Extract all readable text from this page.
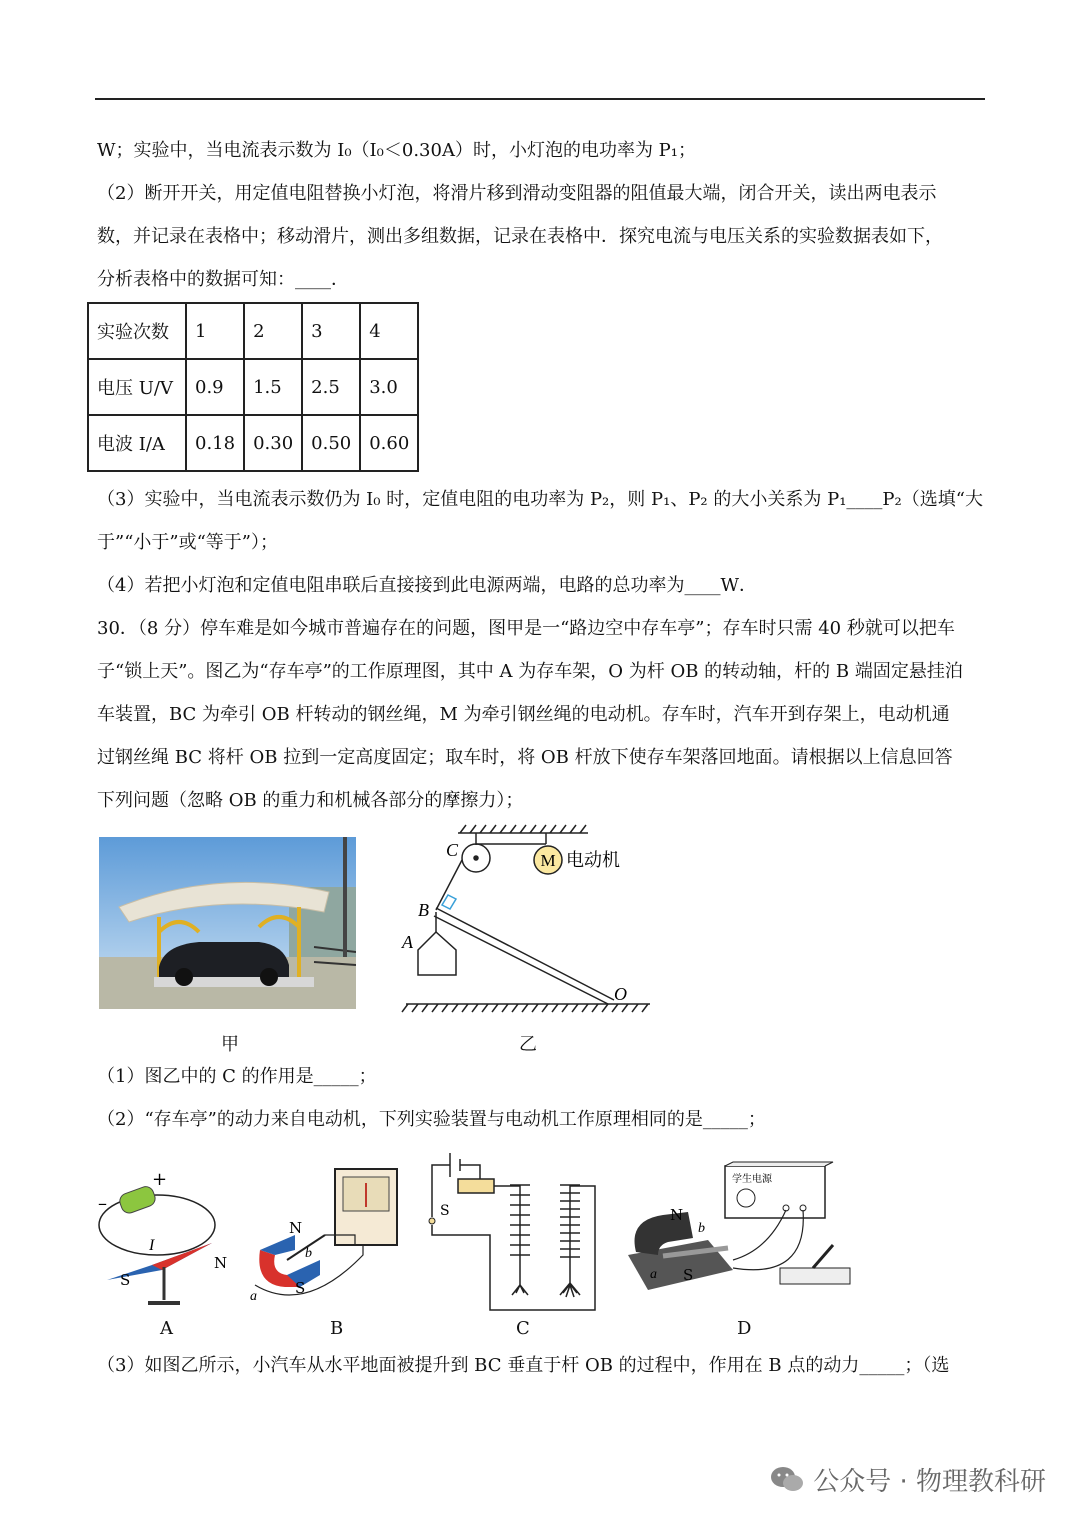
W；实验中，当电流表示数为 I₀（I₀＜0.30A）时，小灯泡的电功率为 P₁；
（2）断开开关，用定值电阻替换小灯泡，将滑片移到滑动变阻器的阻值最大端，闭合开关，读出两电表示
数，并记录在表格中；移动滑片，测出多组数据，记录在表格中．探究电流与电压关系的实验数据表如下，
分析表格中的数据可知：____．
实验次数	1	2	3	4
电压 U/V	0.9	1.5	2.5	3.0
电波 I/A	0.18	0.30	0.50	0.60
（3）实验中，当电流表示数仍为 I₀ 时，定值电阻的电功率为 P₂，则 P₁、P₂ 的大小关系为 P₁____P₂（选填“大
于”“小于”或“等于”）；
（4）若把小灯泡和定值电阻串联后直接接到此电源两端，电路的总功率为____W．
30．（8 分）停车难是如今城市普遍存在的问题，图甲是一“路边空中存车亭”；存车时只需 40 秒就可以把车
子“锁上天”。图乙为“存车亭”的工作原理图，其中 A 为存车架，O 为杆 OB 的转动轴，杆的 B 端固定悬挂泊
车装置，BC 为牵引 OB 杆转动的钢丝绳，M 为牵引钢丝绳的电动机。存车时，汽车开到存架上，电动机通
过钢丝绳 BC 将杆 OB 拉到一定高度固定；取车时，将 OB 杆放下使存车架落回地面。请根据以上信息回答
下列问题（忽略 OB 的重力和机械各部分的摩擦力）；
甲
M 电动机
C
B
A
O
乙
（1）图乙中的 C 的作用是_____；
（2）“存车亭”的动力来自电动机，下列实验装置与电动机工作原理相同的是_____；
+
–
I
S
N
A
N
b
S
a
B
S
C
学生电源
N
b
S
a
D
（3）如图乙所示，小汽车从水平地面被提升到 BC 垂直于杆 OB 的过程中，作用在 B 点的动力_____；（选
公众号 · 物理教科研
